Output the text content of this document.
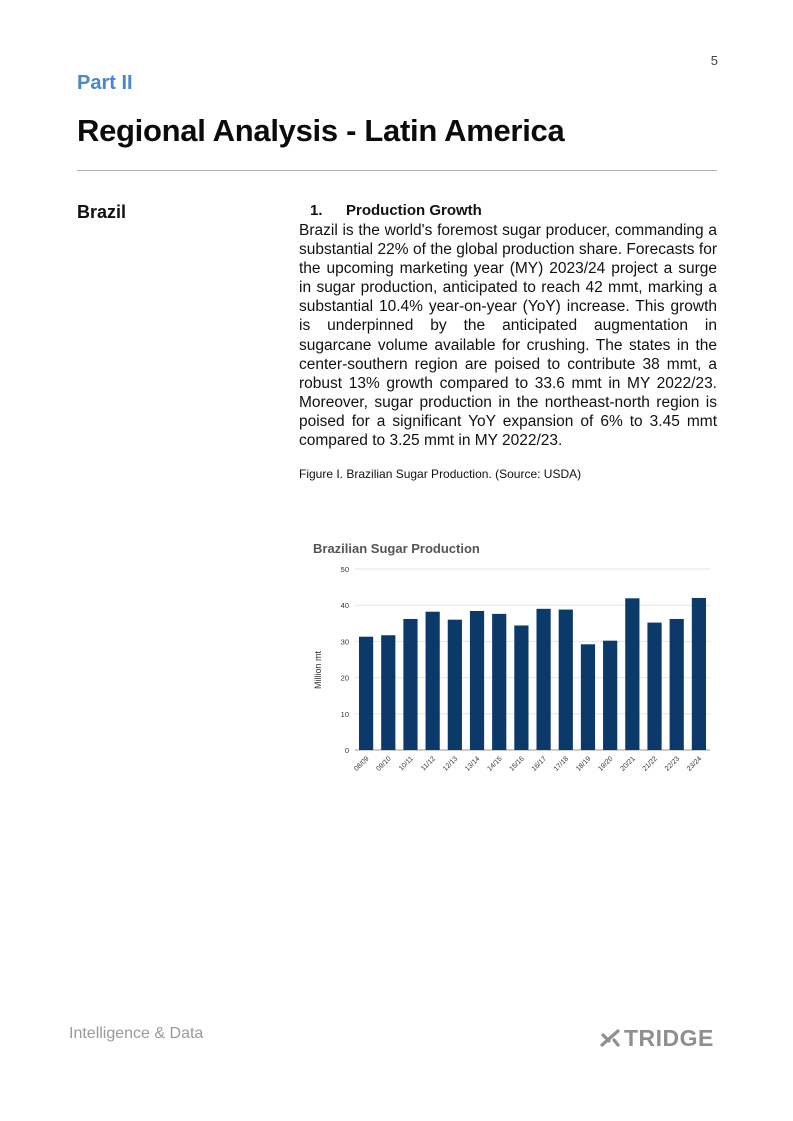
5
Part II
Regional Analysis - Latin America
Brazil	1. Production Growth

Brazil is the world's foremost sugar producer, commanding a substantial 22% of the global production share. Forecasts for the upcoming marketing year (MY) 2023/24 project a surge in sugar production, anticipated to reach 42 mmt, marking a substantial 10.4% year-on-year (YoY) increase. This growth is underpinned by the anticipated augmentation in sugarcane volume available for crushing. The states in the center-southern region are poised to contribute 38 mmt, a robust 13% growth compared to 33.6 mmt in MY 2022/23. Moreover, sugar production in the northeast-north region is poised for a significant YoY expansion of 6% to 3.45 mmt compared to 3.25 mmt in MY 2022/23.

Figure I. Brazilian Sugar Production. (Source: USDA)
Brazilian Sugar Production
0
10
20
30
40
50
08/09 09/10 10/11 11/12 12/13 13/14 14/15 15/16 16/17 17/18 18/19 19/20 20/21 21/22 22/23 23/24
Million mt
Intelligence & Data	TRIDGE
